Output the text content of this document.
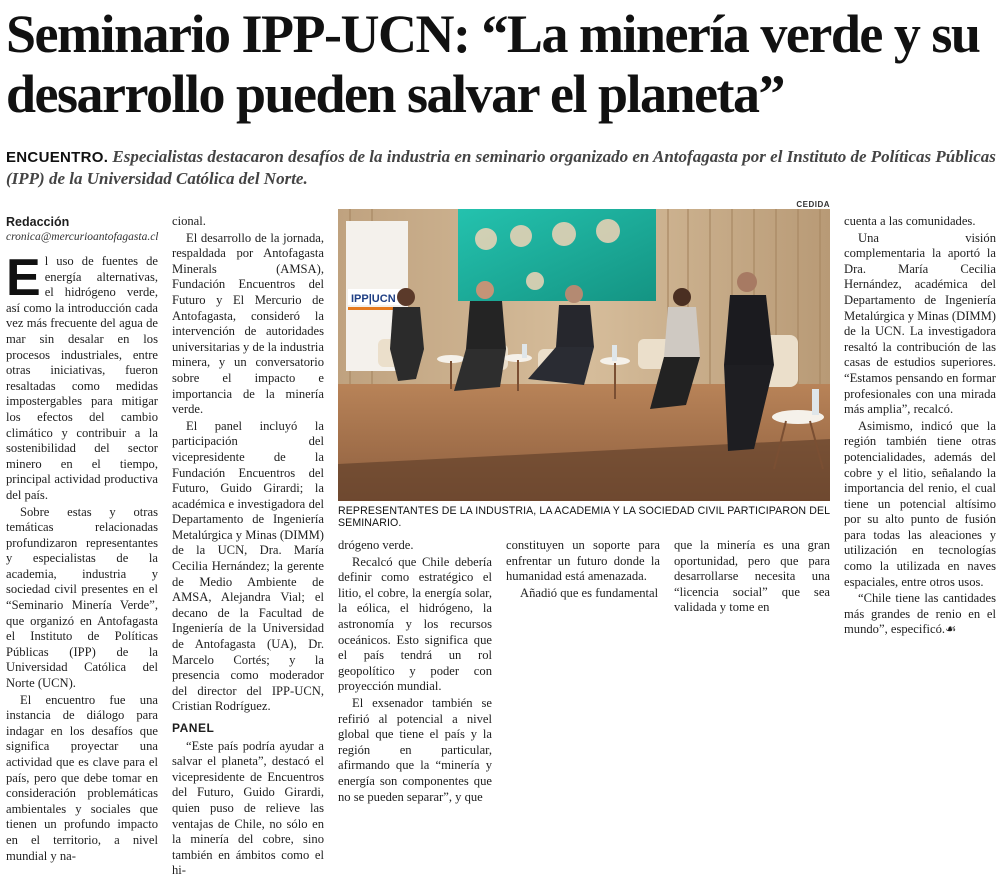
Seminario IPP-UCN: “La minería verde y su desarrollo pueden salvar el planeta”
ENCUENTRO. Especialistas destacaron desafíos de la industria en seminario organizado en Antofagasta por el Instituto de Políticas Públicas (IPP) de la Universidad Católica del Norte.
Redacción
cronica@mercurioantofagasta.cl

El uso de fuentes de energía alternativas, el hidrógeno verde, así como la introducción cada vez más frecuente del agua de mar sin desalar en los procesos industriales, entre otras iniciativas, fueron resaltadas como medidas impostergables para mitigar los efectos del cambio climático y contribuir a la sostenibilidad del sector minero en el tiempo, principal actividad productiva del país.

Sobre estas y otras temáticas relacionadas profundizaron representantes y especialistas de la academia, industria y sociedad civil presentes en el “Seminario Minería Verde”, que organizó en Antofagasta el Instituto de Políticas Públicas (IPP) de la Universidad Católica del Norte (UCN).

El encuentro fue una instancia de diálogo para indagar en los desafíos que significa proyectar una actividad que es clave para el país, pero que debe tomar en consideración problemáticas ambientales y sociales que tienen un profundo impacto en el territorio, a nivel mundial y na-

cional.

El desarrollo de la jornada, respaldada por Antofagasta Minerals (AMSA), Fundación Encuentros del Futuro y El Mercurio de Antofagasta, consideró la intervención de autoridades universitarias y de la industria minera, y un conversatorio sobre el impacto e importancia de la minería verde.

El panel incluyó la participación del vicepresidente de la Fundación Encuentros del Futuro, Guido Girardi; la académica e investigadora del Departamento de Ingeniería Metalúrgica y Minas (DIMM) de la UCN, Dra. María Cecilia Hernández; la gerente de Medio Ambiente de AMSA, Alejandra Vial; el decano de la Facultad de Ingeniería de la Universidad de Antofagasta (UA), Dr. Marcelo Cortés; y la presencia como moderador del director del IPP-UCN, Cristian Rodríguez.

PANEL

“Este país podría ayudar a salvar el planeta”, destacó el vicepresidente de Encuentros del Futuro, Guido Girardi, quien puso de relieve las ventajas de Chile, no sólo en la minería del cobre, sino también en ámbitos como el hi-

CEDIDA
IPP|UCN
REPRESENTANTES DE LA INDUSTRIA, LA ACADEMIA Y LA SOCIEDAD CIVIL PARTICIPARON DEL SEMINARIO.

drógeno verde.

Recalcó que Chile debería definir como estratégico el litio, el cobre, la energía solar, la eólica, el hidrógeno, la astronomía y los recursos oceánicos. Esto significa que el país tendrá un rol geopolítico y poder con proyección mundial.

El exsenador también se refirió al potencial a nivel global que tiene el país y la región en particular, afirmando que la “minería y energía son componentes que no se pueden separar”, y que

constituyen un soporte para enfrentar un futuro donde la humanidad está amenazada.

Añadió que es fundamental

que la minería es una gran oportunidad, pero que para desarrollarse necesita una “licencia social” que sea validada y tome en

cuenta a las comunidades.

Una visión complementaria la aportó la Dra. María Cecilia Hernández, académica del Departamento de Ingeniería Metalúrgica y Minas (DIMM) de la UCN. La investigadora resaltó la contribución de las casas de estudios superiores. “Estamos pensando en formar profesionales con una mirada más amplia”, recalcó.

Asimismo, indicó que la región también tiene otras potencialidades, además del cobre y el litio, señalando la importancia del renio, el cual tiene un potencial altísimo por su alto punto de fusión para todas las aleaciones y utilización en tecnologías como la utilizada en naves espaciales, entre otros usos.

“Chile tiene las cantidades más grandes de renio en el mundo”, especificó.☙
